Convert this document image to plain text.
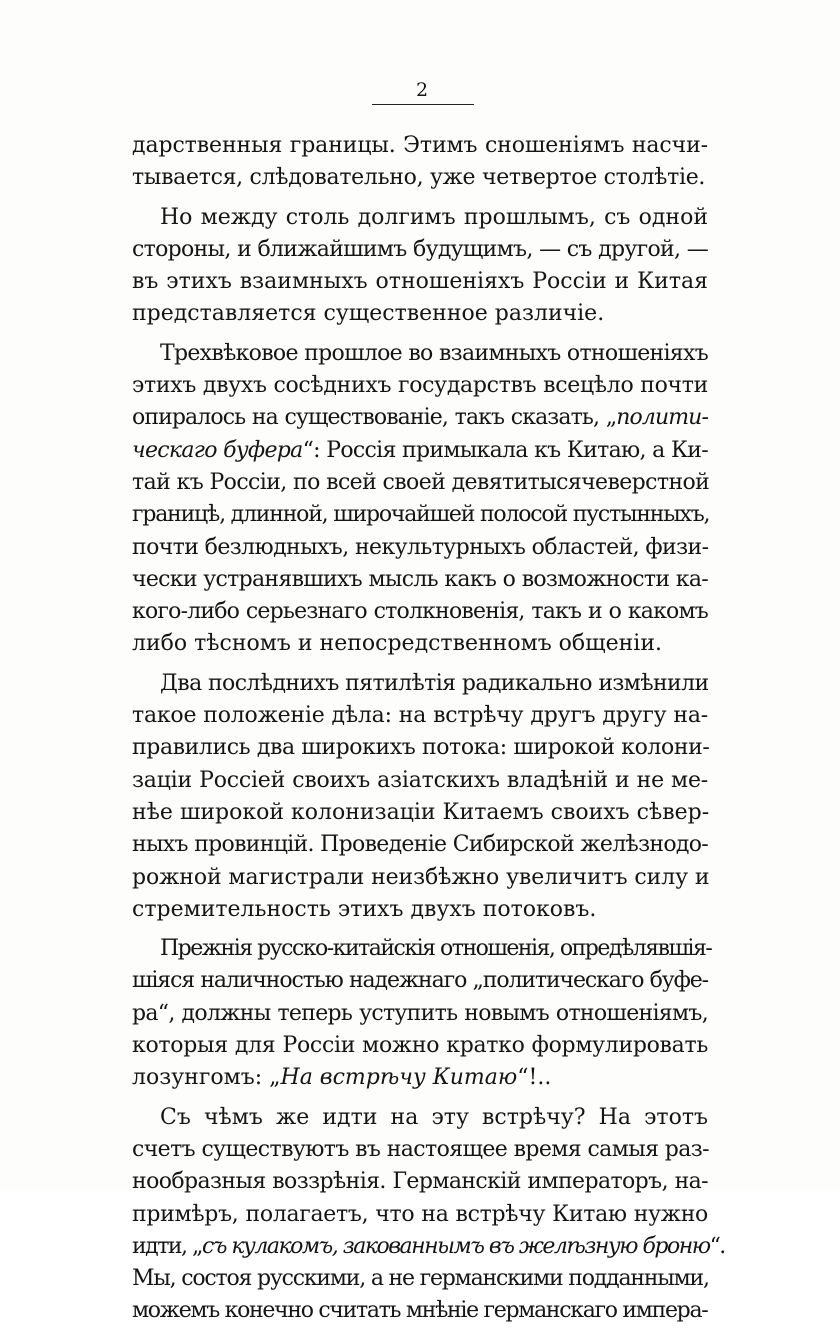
2
дарственныя границы. Этимъ сношеніямъ насчи-
тывается, слѣдовательно, уже четвертое столѣтіе.
Но между столь долгимъ прошлымъ, съ одной
стороны, и ближайшимъ будущимъ, — съ другой, —
въ этихъ взаимныхъ отношеніяхъ Россіи и Китая
представляется существенное различіе.
Трехвѣковое прошлое во взаимныхъ отношеніяхъ
этихъ двухъ сосѣднихъ государствъ всецѣло почти
опиралось на существованіе, такъ сказать, „полити-
ческаго буфера“: Россія примыкала къ Китаю, а Ки-
тай къ Россіи, по всей своей девятитысячеверстной
границѣ, длинной, широчайшей полосой пустынныхъ,
почти безлюдныхъ, некультурныхъ областей, физи-
чески устранявшихъ мысль какъ о возможности ка-
кого-либо серьезнаго столкновенія, такъ и о какомъ
либо тѣсномъ и непосредственномъ общеніи.
Два послѣднихъ пятилѣтія радикально измѣнили
такое положеніе дѣла: на встрѣчу другъ другу на-
правились два широкихъ потока: широкой колони-
заціи Россіей своихъ азіатскихъ владѣній и не ме-
нѣе широкой колонизаціи Китаемъ своихъ сѣвер-
ныхъ провинцій. Проведеніе Сибирской желѣзнодо-
рожной магистрали неизбѣжно увеличитъ силу и
стремительность этихъ двухъ потоковъ.
Прежнія русско-китайскія отношенія, опредѣлявшія-
шіяся наличностью надежнаго „политическаго буфе-
ра“, должны теперь уступить новымъ отношеніямъ,
которыя для Россіи можно кратко формулировать
лозунгомъ: „На встрѣчу Китаю“!..
Съ чѣмъ же идти на эту встрѣчу? На этотъ
счетъ существуютъ въ настоящее время самыя раз-
нообразныя воззрѣнія. Германскій императоръ, на-
примѣръ, полагаетъ, что на встрѣчу Китаю нужно
идти, „съ кулакомъ, закованнымъ въ желѣзную броню“.
Мы, состоя русскими, а не германскими подданными,
можемъ конечно считать мнѣніе германскаго импера-
